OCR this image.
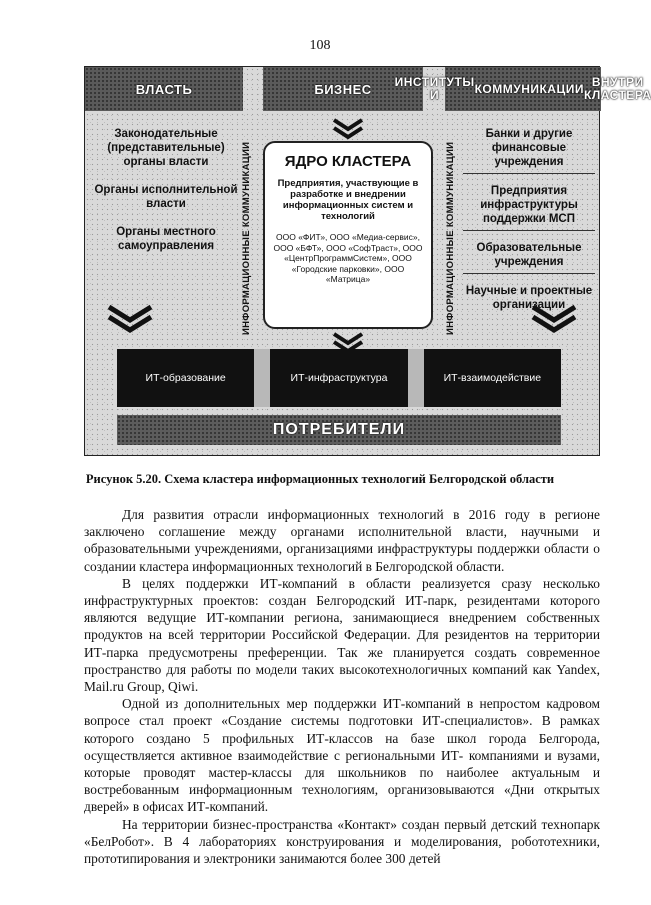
108
ВЛАСТЬ	БИЗНЕС	ИНСТИТУТЫ И	КОММУНИКАЦИИ ВНУТРИ КЛАСТЕРА
Законодательные (представительные) органы власти
Органы исполнительной власти
Органы местного самоуправления	ИНФОРМАЦИОННЫЕ КОММУНИКАЦИИ	ИНФОРМАЦИОННЫЕ КОММУНИКАЦИИ
ЯДРО КЛАСТЕРА
Предприятия, участвующие в разработке и внедрении информационных систем и технологий
ООО «ФИТ», ООО «Медиа-сервис», ООО «БФТ», ООО «СофТраст», ООО «ЦентрПрограммСистем», ООО «Городские парковки», ООО «Матрица»
Банки и другие финансовые учреждения
Предприятия инфраструктуры поддержки МСП
Образовательные учреждения
Научные и проектные организации
ИТ-образование	ИТ-инфраструктура	ИТ-взаимодействие
ПОТРЕБИТЕЛИ
Рисунок 5.20. Схема кластера информационных технологий Белгородской области

Для развития отрасли информационных технологий в 2016 году в регионе заключено соглашение между органами исполнительной власти, научными и образовательными учреждениями, организациями инфраструктуры поддержки области о создании кластера информационных технологий в Белгородской области.

В целях поддержки ИТ-компаний в области реализуется сразу несколько инфраструктурных проектов: создан Белгородский ИТ-парк, резидентами которого являются ведущие ИТ-компании региона, занимающиеся внедрением собственных продуктов на всей территории Российской Федерации. Для резидентов на территории ИТ-парка предусмотрены преференции. Так же планируется создать современное пространство для работы по модели таких высокотехнологичных компаний как Yandex, Mail.ru Group, Qiwi.

Одной из дополнительных мер поддержки ИТ-компаний в непростом кадровом вопросе стал проект «Создание системы подготовки ИТ-специалистов». В рамках которого создано 5 профильных ИТ-классов на базе школ города Белгорода, осуществляется активное взаимодействие с региональными ИТ- компаниями и вузами, которые проводят мастер-классы для школьников по наиболее актуальным и востребованным информационным технологиям, организовываются «Дни открытых дверей» в офисах ИТ-компаний.

На территории бизнес-пространства «Контакт» создан первый детский технопарк «БелРобот». В 4 лабораториях конструирования и моделирования, робототехники, прототипирования и электроники занимаются более 300 детей
